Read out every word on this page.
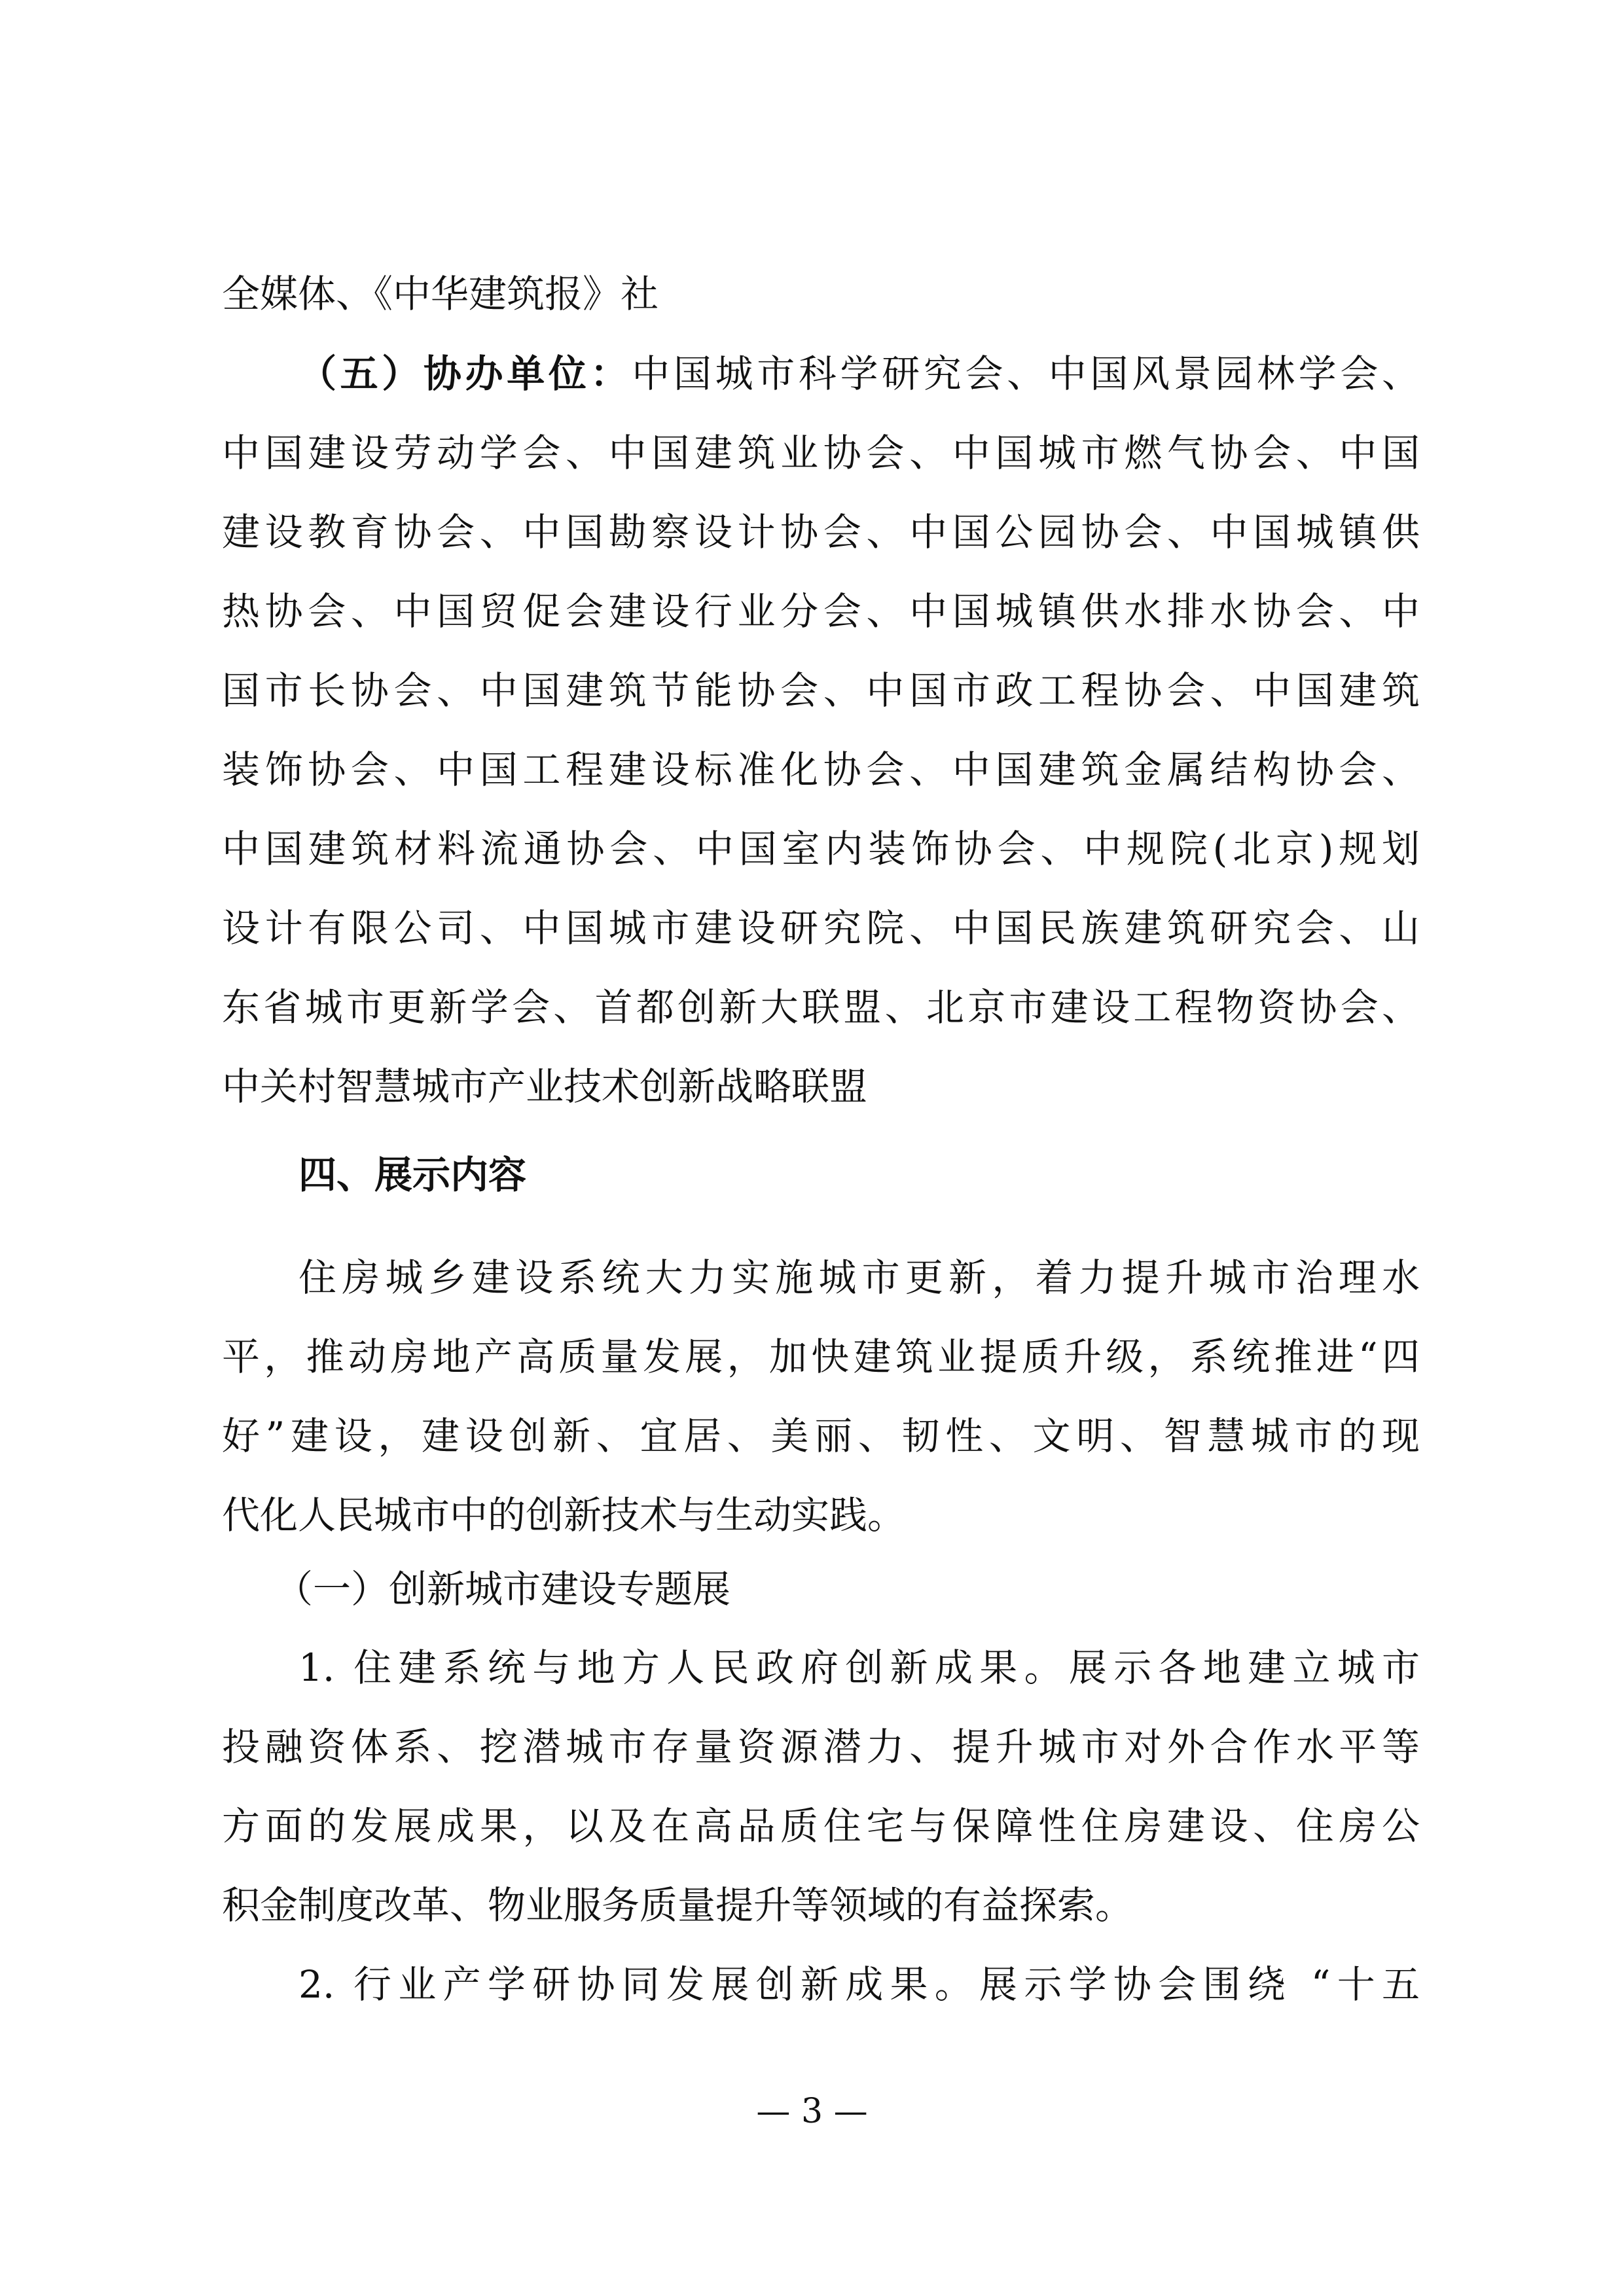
全媒体、《中华建筑报》社
（五）协办单位：中国城市科学研究会、中国风景园林学会、
中国建设劳动学会、中国建筑业协会、中国城市燃气协会、中国
建设教育协会、中国勘察设计协会、中国公园协会、中国城镇供
热协会、中国贸促会建设行业分会、中国城镇供水排水协会、中
国市长协会、中国建筑节能协会、中国市政工程协会、中国建筑
装饰协会、中国工程建设标准化协会、中国建筑金属结构协会、
中国建筑材料流通协会、中国室内装饰协会、中规院(北京)规划
设计有限公司、中国城市建设研究院、中国民族建筑研究会、山
东省城市更新学会、首都创新大联盟、北京市建设工程物资协会、
中关村智慧城市产业技术创新战略联盟
四、展示内容
住房城乡建设系统大力实施城市更新，着力提升城市治理水
平，推动房地产高质量发展，加快建筑业提质升级，系统推进“四
好”建设，建设创新、宜居、美丽、韧性、文明、智慧城市的现
代化人民城市中的创新技术与生动实践。
（一）创新城市建设专题展
1. 住建系统与地方人民政府创新成果。展示各地建立城市
投融资体系、挖潜城市存量资源潜力、提升城市对外合作水平等
方面的发展成果，以及在高品质住宅与保障性住房建设、住房公
积金制度改革、物业服务质量提升等领域的有益探索。
2. 行业产学研协同发展创新成果。展示学协会围绕 “十五
— 3 —
